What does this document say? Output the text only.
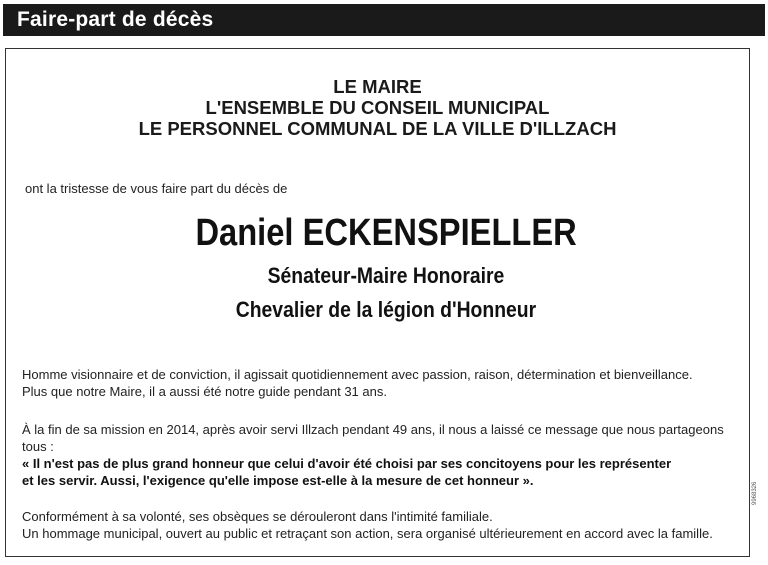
Faire-part de décès
LE MAIRE
L'ENSEMBLE DU CONSEIL MUNICIPAL
LE PERSONNEL COMMUNAL DE LA VILLE D'ILLZACH
ont la tristesse de vous faire part du décès de
Daniel ECKENSPIELLER
Sénateur-Maire Honoraire
Chevalier de la légion d'Honneur
Homme visionnaire et de conviction, il agissait quotidiennement avec passion, raison, détermination et bienveillance.
Plus que notre Maire, il a aussi été notre guide pendant 31 ans.
À la fin de sa mission en 2014, après avoir servi Illzach pendant 49 ans, il nous a laissé ce message que nous partageons
tous :
« Il n'est pas de plus grand honneur que celui d'avoir été choisi par ses concitoyens pour les représenter
et les servir. Aussi, l'exigence qu'elle impose est-elle à la mesure de cet honneur ».
Conformément à sa volonté, ses obsèques se dérouleront dans l'intimité familiale.
Un hommage municipal, ouvert au public et retraçant son action, sera organisé ultérieurement en accord avec la famille.
9968326
